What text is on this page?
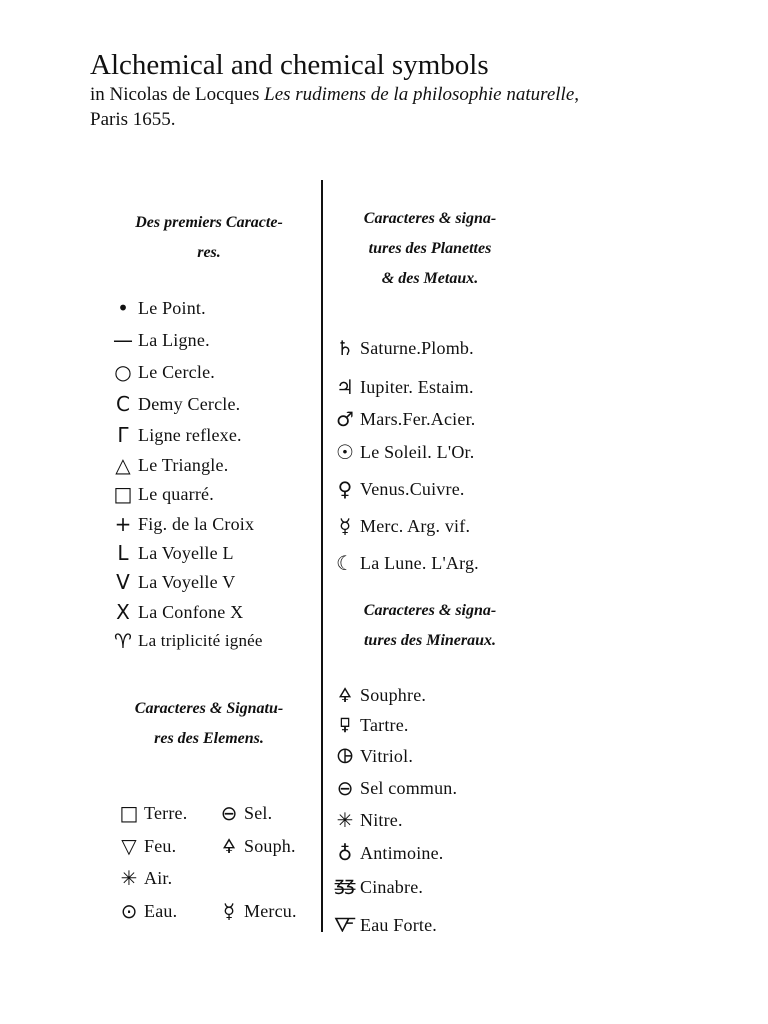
Alchemical and chemical symbols
in Nicolas de Locques Les rudimens de la philosophie naturelle,
Paris 1655.
Des premiers Caracte-
res.
• Le Point.
— La Ligne.
○ Le Cercle.
C Demy Cercle.
Γ Ligne reflexe.
△ Le Triangle.
□ Le quarré.
+ Fig. de la Croix
L La Voyelle L
V La Voyelle V
X La Confone X
♈ La triplicité ignée
Caracteres & Signatu-
res des Elemens.
□ Terre.	⊖ Sel.
▽ Feu.	🜍 Souph.
✳ Air.
⊙ Eau.	☿ Mercu.
Caracteres & signa-
tures des Planettes
& des Metaux.
♄ Saturne.Plomb.
♃ Iupiter. Estaim.
♂ Mars.Fer.Acier.
☉ Le Soleil. L'Or.
♀ Venus.Cuivre.
☿ Merc. Arg. vif.
☾ La Lune. L'Arg.
Caracteres & signa-
tures des Mineraux.
🜍 Souphre.
🜿 Tartre.
🜖 Vitriol.
⊖ Sel commun.
✳ Nitre.
♁ Antimoine.
🜓 Cinabre.
🜅 Eau Forte.
